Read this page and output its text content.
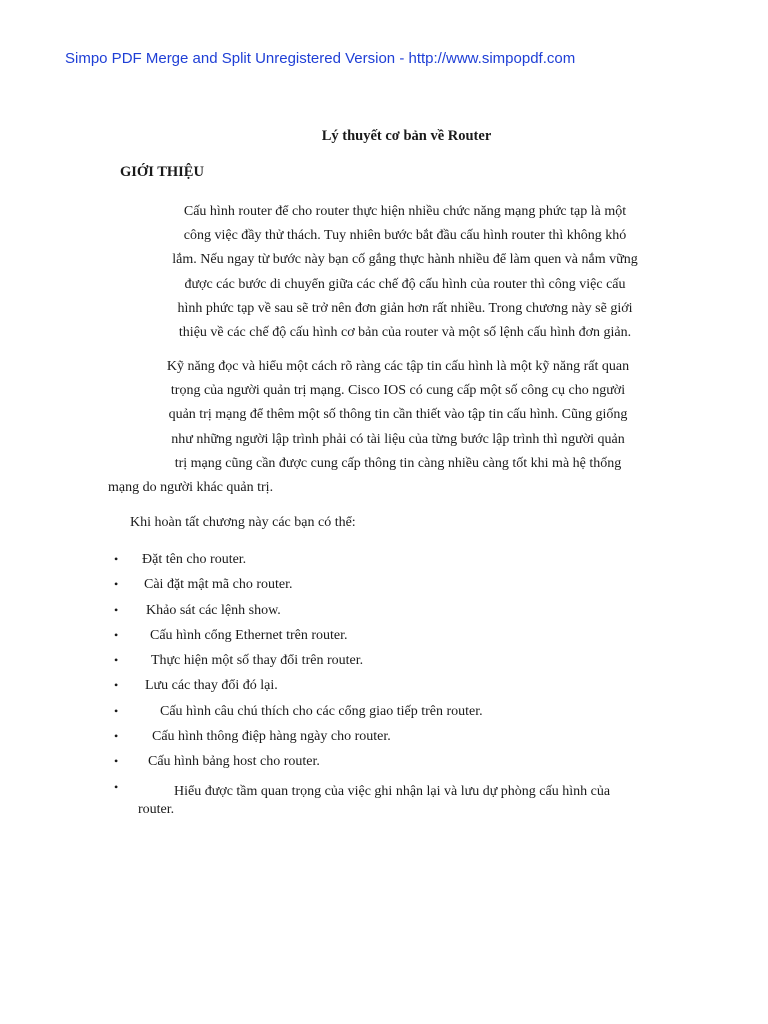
Simpo PDF Merge and Split Unregistered Version - http://www.simpopdf.com
Lý thuyết cơ bản về Router
GIỚI THIỆU

Cấu hình router để cho router thực hiện nhiều chức năng mạng phức tạp là một
công việc đầy thử thách. Tuy nhiên bước bắt đầu cấu hình router thì không khó
lắm. Nếu ngay từ bước này bạn cố gắng thực hành nhiều để làm quen và nắm vững
được các bước di chuyển giữa các chế độ cấu hình của router thì công việc cấu
hình phức tạp về sau sẽ trở nên đơn giản hơn rất nhiều. Trong chương này sẽ giới
thiệu về các chế độ cấu hình cơ bản của router và một số lệnh cấu hình đơn giản.

Kỹ năng đọc và hiểu một cách rõ ràng các tập tin cấu hình là một kỹ năng rất quan
trọng của người quản trị mạng. Cisco IOS có cung cấp một số công cụ cho người
quản trị mạng để thêm một số thông tin cần thiết vào tập tin cấu hình. Cũng giống
như những người lập trình phải có tài liệu của từng bước lập trình thì người quản
trị mạng cũng cần được cung cấp thông tin càng nhiều càng tốt khi mà hệ thống
mạng do người khác quản trị.

Khi hoàn tất chương này các bạn có thể:
• Đặt tên cho router.
• Cài đặt mật mã cho router.
• Khảo sát các lệnh show.
• Cấu hình cổng Ethernet trên router.
• Thực hiện một số thay đổi trên router.
• Lưu các thay đổi đó lại.
•	Cấu hình câu chú thích cho các cổng giao tiếp trên router.
• Cấu hình thông điệp hàng ngày cho router.
• Cấu hình bảng host cho router.
•	Hiểu được tầm quan trọng của việc ghi nhận lại và lưu dự phòng cấu hình của
router.
